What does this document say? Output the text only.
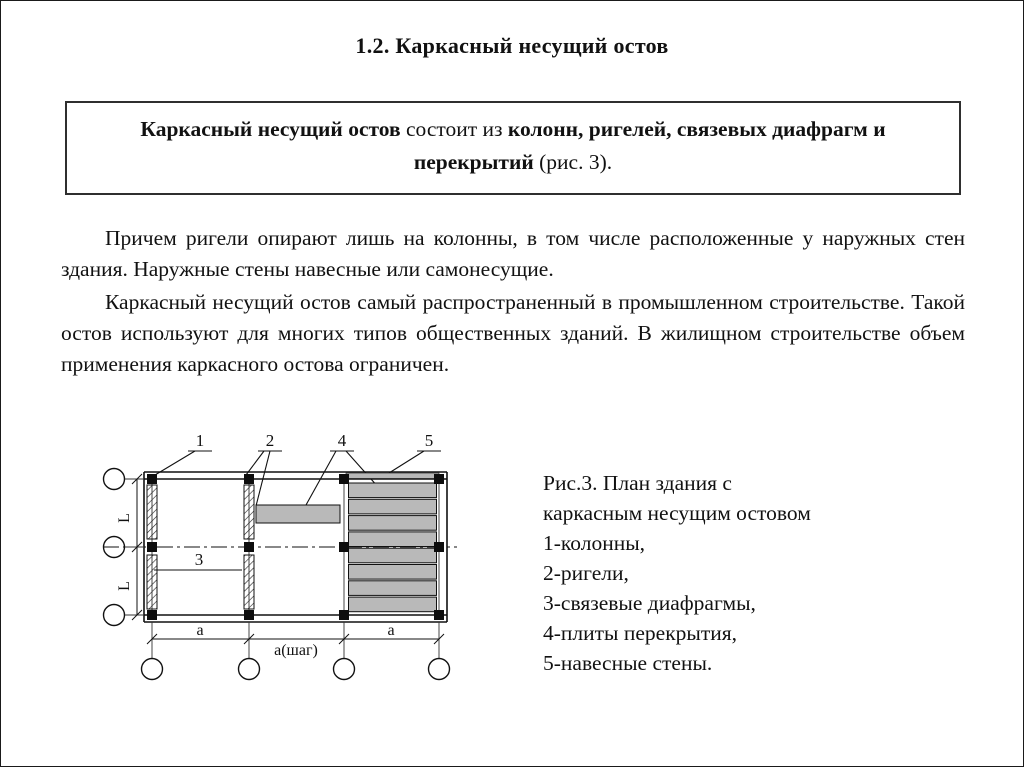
1.2. Каркасный несущий остов
Каркасный несущий остов состоит из колонн, ригелей, связевых диафрагм и перекрытий (рис. 3).

Причем ригели опирают лишь на колонны, в том числе расположенные у наружных стен здания. Наружные стены навесные или самонесущие.

Каркасный несущий остов самый распространенный в промышленном строительстве. Такой остов используют для многих типов общественных зданий. В жилищном строительстве объем применения каркасного остова ограничен.

1	2	4	5
3
L
L
а
а(шаг)
а
Рис.3. План здания с
каркасным несущим остовом
1-колонны,
2-ригели,
3-связевые диафрагмы,
4-плиты перекрытия,
5-навесные стены.
